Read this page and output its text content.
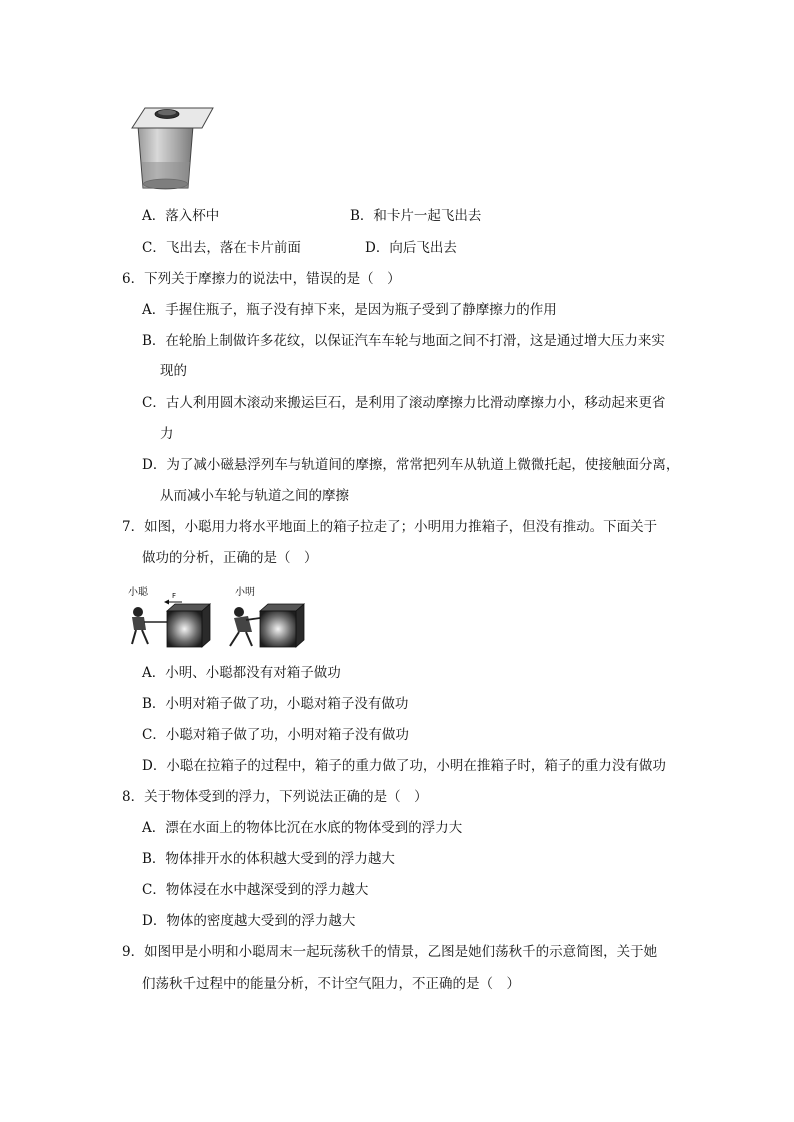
A．落入杯中	B．和卡片一起飞出去
C．飞出去，落在卡片前面	D．向后飞出去
6．下列关于摩擦力的说法中，错误的是（　）
A．手握住瓶子，瓶子没有掉下来，是因为瓶子受到了静摩擦力的作用
B．在轮胎上制做许多花纹，以保证汽车车轮与地面之间不打滑，这是通过增大压力来实
现的
C．古人利用圆木滚动来搬运巨石，是利用了滚动摩擦力比滑动摩擦力小，移动起来更省
力
D．为了减小磁悬浮列车与轨道间的摩擦，常常把列车从轨道上微微托起，使接触面分离，
从而减小车轮与轨道之间的摩擦
7．如图，小聪用力将水平地面上的箱子拉走了；小明用力推箱子，但没有推动。下面关于
做功的分析，正确的是（　）
小聪	F	小明
A．小明、小聪都没有对箱子做功
B．小明对箱子做了功，小聪对箱子没有做功
C．小聪对箱子做了功，小明对箱子没有做功
D．小聪在拉箱子的过程中，箱子的重力做了功，小明在推箱子时，箱子的重力没有做功
8．关于物体受到的浮力，下列说法正确的是（　）
A．漂在水面上的物体比沉在水底的物体受到的浮力大
B．物体排开水的体积越大受到的浮力越大
C．物体浸在水中越深受到的浮力越大
D．物体的密度越大受到的浮力越大
9．如图甲是小明和小聪周末一起玩荡秋千的情景，乙图是她们荡秋千的示意简图，关于她
们荡秋千过程中的能量分析，不计空气阻力，不正确的是（　）
